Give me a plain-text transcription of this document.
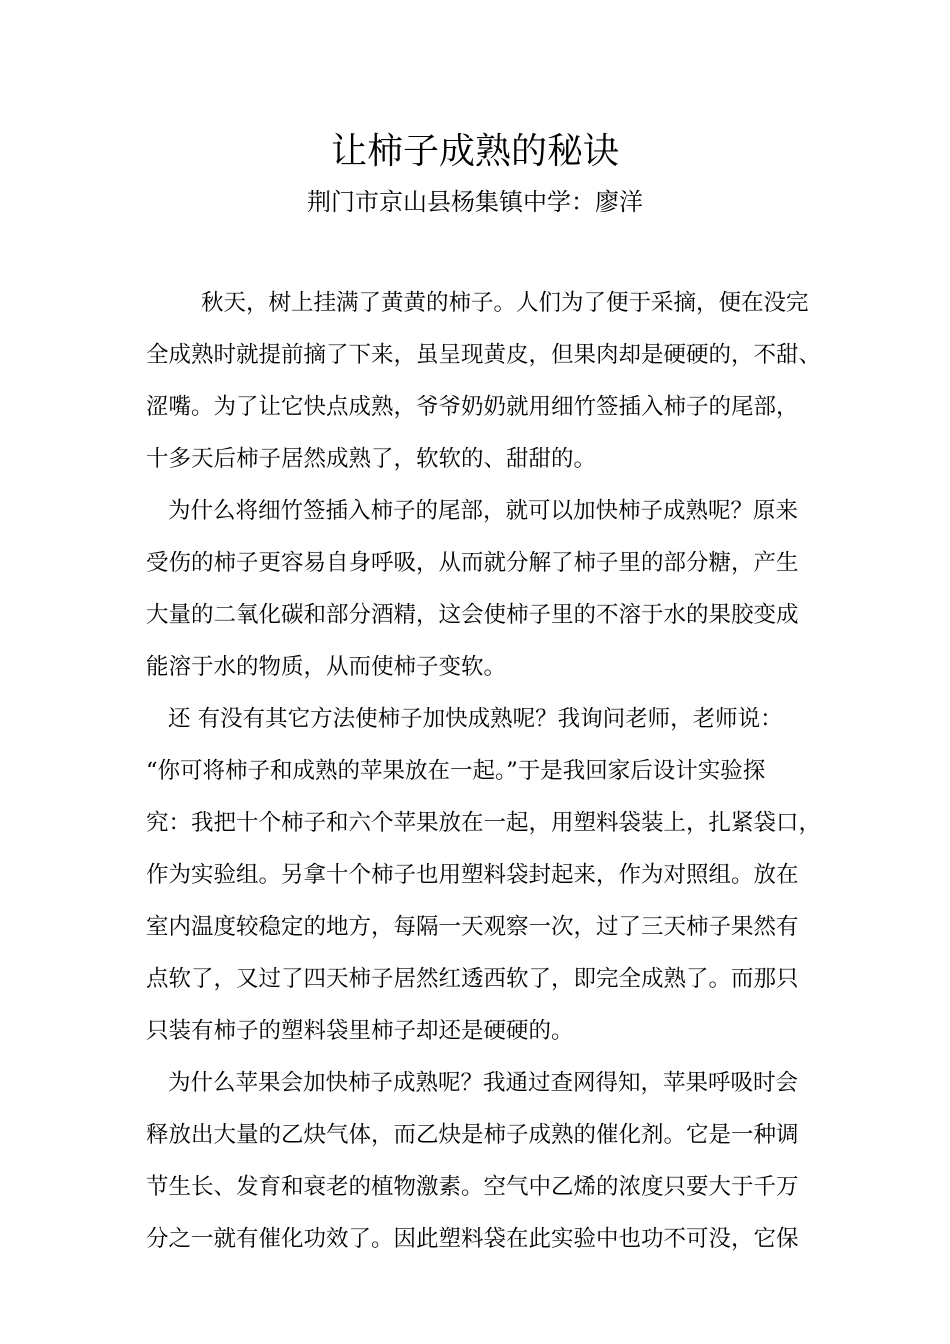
让柿子成熟的秘诀
荆门市京山县杨集镇中学：廖洋
秋天，树上挂满了黄黄的柿子。人们为了便于采摘，便在没完
全成熟时就提前摘了下来，虽呈现黄皮，但果肉却是硬硬的，不甜、
涩嘴。为了让它快点成熟，爷爷奶奶就用细竹签插入柿子的尾部，
十多天后柿子居然成熟了，软软的、甜甜的。
为什么将细竹签插入柿子的尾部，就可以加快柿子成熟呢？原来
受伤的柿子更容易自身呼吸，从而就分解了柿子里的部分糖，产生
大量的二氧化碳和部分酒精，这会使柿子里的不溶于水的果胶变成
能溶于水的物质，从而使柿子变软。
还 有没有其它方法使柿子加快成熟呢？我询问老师，老师说：
“你可将柿子和成熟的苹果放在一起。”于是我回家后设计实验探
究：我把十个柿子和六个苹果放在一起，用塑料袋装上，扎紧袋口，
作为实验组。另拿十个柿子也用塑料袋封起来，作为对照组。放在
室内温度较稳定的地方，每隔一天观察一次，过了三天柿子果然有
点软了，又过了四天柿子居然红透西软了，即完全成熟了。而那只
只装有柿子的塑料袋里柿子却还是硬硬的。
为什么苹果会加快柿子成熟呢？我通过查网得知，苹果呼吸时会
释放出大量的乙炔气体，而乙炔是柿子成熟的催化剂。它是一种调
节生长、发育和衰老的植物激素。空气中乙烯的浓度只要大于千万
分之一就有催化功效了。因此塑料袋在此实验中也功不可没，它保
